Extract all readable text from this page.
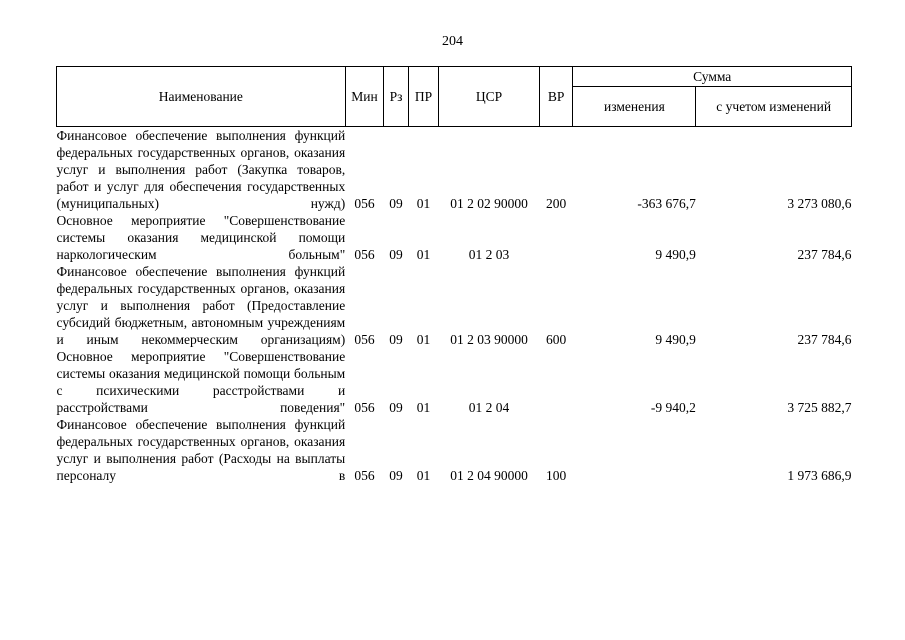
204
Наименование	Мин	Рз	ПР	ЦСР	ВР	Сумма	
						изменения	с учетом изменений
Финансовое обеспечение выполнения функций федеральных государственных органов, оказания услуг и выполнения работ (Закупка товаров, работ и услуг для обеспечения государственных (муниципальных) нужд)	056	09	01	01 2 02 90000	200	-363 676,7	3 273 080,6
Основное мероприятие "Совершенствование системы оказания медицинской помощи наркологическим больным"	056	09	01	01 2 03		9 490,9	237 784,6
Финансовое обеспечение выполнения функций федеральных государственных органов, оказания услуг и выполнения работ (Предоставление субсидий бюджетным, автономным учреждениям и иным некоммерческим организациям)	056	09	01	01 2 03 90000	600	9 490,9	237 784,6
Основное мероприятие "Совершенствование системы оказания медицинской помощи больным с психическими расстройствами и расстройствами поведения"	056	09	01	01 2 04		-9 940,2	3 725 882,7
Финансовое обеспечение выполнения функций федеральных государственных органов, оказания услуг и выполнения работ (Расходы на выплаты персоналу в	056	09	01	01 2 04 90000	100		1 973 686,9
